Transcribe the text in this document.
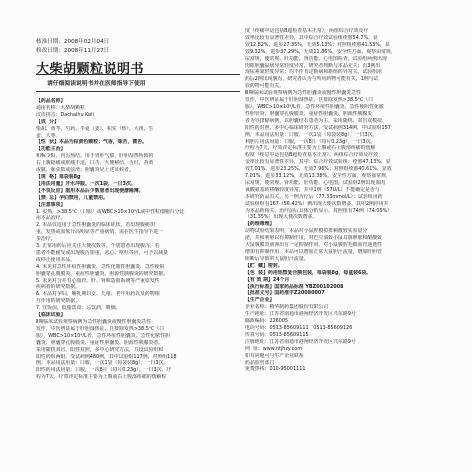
核准日期：2008年02月04日
修改日期：2008年11月27日
大柴胡颗粒说明书
请仔细阅读说明书并在医师指导下使用
【药品名称】
通用名称：大柴胡颗粒
汉语拼音：Dachaihu Keli
【成  分】
柴胡、黄芩、芍药、半夏（姜）、枳实（炒）、大黄、生
姜、大枣。
【性  状】本品为棕黄色颗粒；气香，味苦，微苦。
【功能主治】
和解少阳，内泻热结。用于胃肝气郁，肝胆湿热所致的
右上腹隐痛或胀痛不适，口苦，大便秘结，舌红，苔黄
或腻，脉弦数或弦滑；胆囊炎见上述证候者。
【规  格】每袋装8g
【用法用量】开水冲服。一次1袋，一日3次。
【不良反应】服用本品后少数患者出现便溏稀薄。
【禁  忌】孕妇禁用，儿童禁用。
【注意事项】
1. 实热，>38.5℃（口服）或WBC>10×10⁹/L或中性粒细胞百分比
用本品治疗。
2. 本品仅适用于急性胆囊炎的临床症状，若出现腹痛加
重、发热或血象升高明显等严重病情，需在医生指导下进一
步治疗。
3. 正常用药后应关注大便次数等。个别患者出现腹泻，若
患者不能耐受或出现腹泻加重，恶心、呕吐等应，可予以减量
或停止使用本品。
4. 未见对急性坏疽性胆囊炎、急性化脓性胆囊炎、急性梗阻
胆囊穿孔腹膜炎、重症性胆囊炎、胆源性胰腺炎的研究数据。
5. 未见对合并有心血管、肝、肾和造血系统等严重原发性
疾病者的研究数据。
6. 本品对孕妇、哺乳期妇女、儿童、老年用药以及药物相
互作用的研究数据。
7. 宜饭前、低脂饮食；忌饮酒，吸烟。
【临床试验】
Ⅱ期临床试验观察病例为急性胆囊炎或慢性胆囊炎急性
发作，中医辨证属于肝胆湿热证，且排除发热>38.5℃（口
服），WBC>10×10⁹/L者，急性坏疽性胆囊炎、急性化脓性胆
囊炎、胆囊穿孔腹膜炎、重症性胆囊炎、胆源性胰腺炎者。
采用随机双盲、阳性对照，多中心研究方法，共设试验组和
阳性药组两组，受试病例480例，其中试验组117例，对照组118
例。本品用法用量：口服，一次1袋（每袋装8g），一日3次。
阳性药用法用量：口服，一次8片（每片0.23g），一日3次，疗
程为7天，疗效评定标准主要为上腹或右上腹部疼痛的缓解程
度（疼痛中运包括B超检查基本正常），两组综合疗效及疗
效率比较有显著性差异，其中综合疗效试验组痊愈54.7%，显
效12.82%，进步27.35%，无效5.13%；对照组痊愈41.53%，显
效9.32%，进步37.29%，无效11.86%。安全性方面，观察由常规，
尿常规，便常规、肝功能、肾功能、心电图检查。试验组两例出现
肉眼胆囊鼠病异常轻度异常，研究者判断与本品无关；有3例出
现尿素氮轻度异常；均不作肯定新病和新组药异常关。试验组用
药后2例出现腹泻，研究者认为与所用药物可能有关，1例与试
验药物可能有关。
Ⅲ期临床试验观察病例为急性胆囊炎或慢性胆囊炎急性
发作，中医辨证属于肝胆湿热证，且排除发热>38.5℃（口
服），WBC>10×10⁹/L者，急性坏疽性胆囊炎、急性梗阻性化脓
性胆管炎、胆囊穿孔腹膜炎、重症性胆囊炎、胆源性胰腺炎
者为导排除病例，以胆囊结石患者为主，采用随机、双盲双模拟、
阳性药对照、多中心临床研究方法，受试病例314例，中试验组157
例，本品用法用量：口服，一次1袋（每袋装8g），一日3次。
利胆片用法用量：口服，一次8片（每片0.23g），一日3次。
疗程为7天，疗效评定标准主要为上腹或右上腹部疼痛的缓解
程度（疼息中运包括B超检查基本正常）。两组综合疗效及疗效
金率比较有显著性差异，其中：综合疗效试验组：痊愈47.13%，显
效7.01%，进步23.25%，无效7.96%；对照组痊愈40.61%，显效
7.01%，进步33.12%，无效13.38%。安全性方面，观察血常规、
尿常规，便常规、肾功能、肝功能、心电图。试验组2例出现血肉
氧酸氨基转移酶轻度异常，并中1例（57U/L）不能确定是否与
本研究药品有关，另一例为疗后（77.33mmol/L）；试验组用药
试验组组有167（56.42%）例出现大便次数增多，其中2例停用并
为本品药相关，治疗前后具体分析显示，对照组有74例（74.05%）
（31.35%）出现大便次数增多。
【药理毒理】
动物试验结果表明，本品对小鼠腔模拟排刺激较实验量分
泌，并和利胆以有抑制作用，对巴豆油致小鼠耳廓肿胀和醋酸致
大鼠腹膜炎液渗出有一定抑制作用，对小鼠腹腔毛细血管通透性
增加有抑制作用。本品可以增加正常大鼠胆汁流量，增加肝胆管
阻断后导致的大鼠胆汁流量。
【贮  藏】密封。
【包  装】药用铝塑复合膜包装，每袋装8g，每盒装6袋。
【有 效 期】24个月
【执行标准】国家药品标准 YBZ00102008
【批准文号】国药准字Z20080007
【生产企业】
企业名称：精华制药集团股份有限公司
生产地址：江苏省南通市港闸经济开发区兴东路9号
邮政编码：226005
电话号码：0513-85609111   0513-85609126
传真号码：0513-85609115
注册地址：江苏省南通市港闸经济开发区兴东路9号
网  址：www.ntjhzy.com
如有问题可与生产企业联系
药品监管部门
免费热线：010-95001111
